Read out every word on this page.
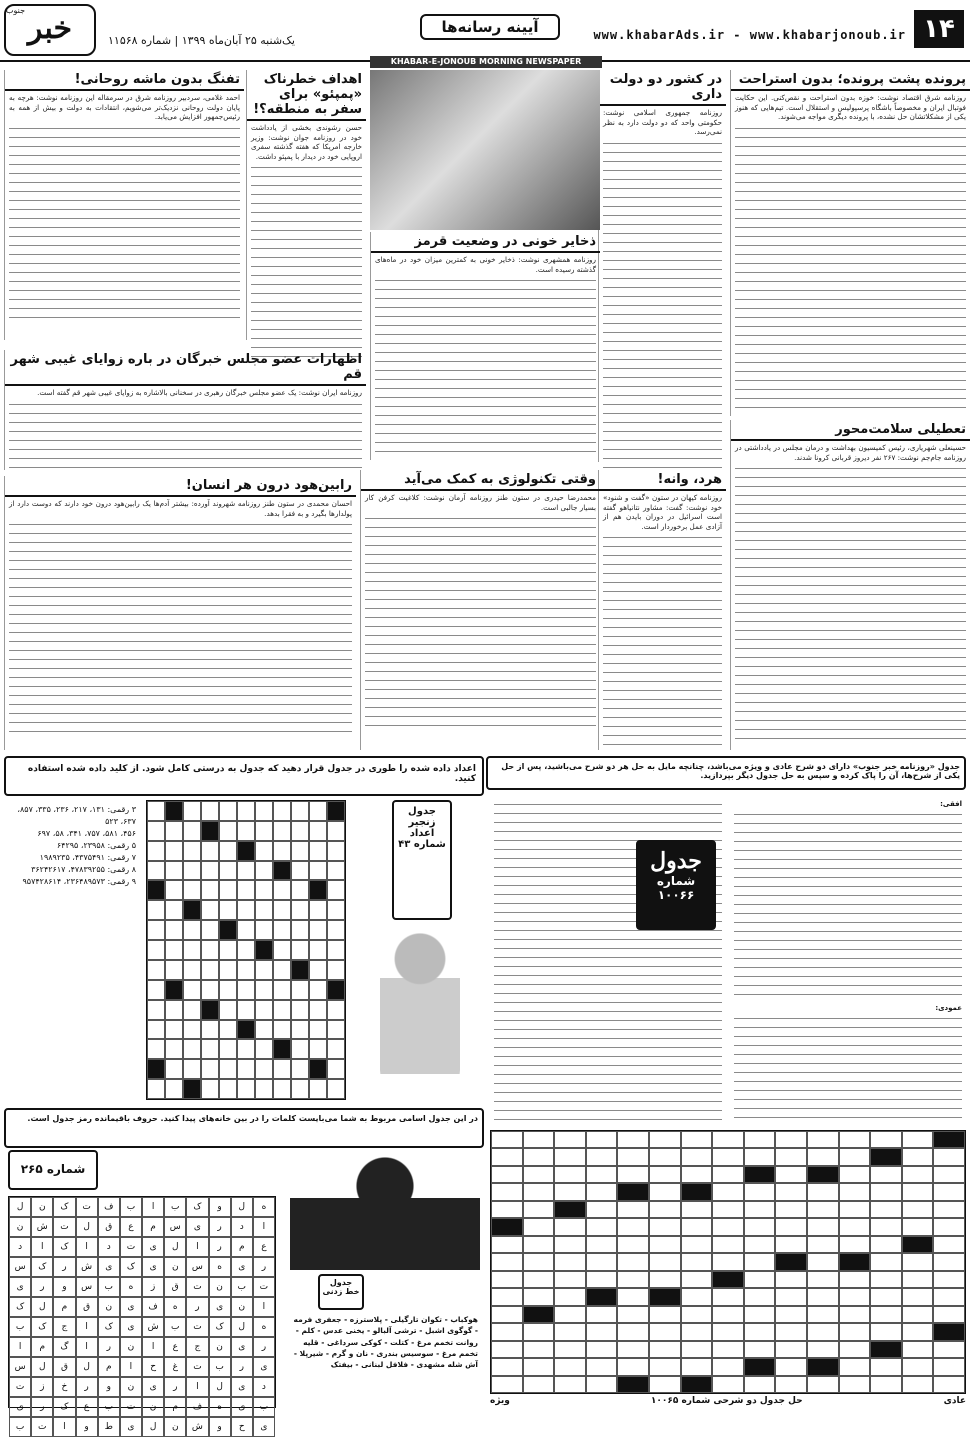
۱۴
www.khabarAds.ir - www.khabarjonoub.ir
آیینه رسانه‌ها
یک‌شنبه ۲۵ آبان‌ماه ۱۳۹۹ | شماره ۱۱۵۶۸
خبر
جنوب
KHABAR-E-JONOUB MORNING NEWSPAPER
پرونده پشت پرونده؛ بدون استراحت
روزنامه شرق اقتصاد نوشت: خوزه بدون استراحت و نقص‌کنی. این حکایت فوتبال ایران و مخصوصاً باشگاه پرسپولیس و استقلال است. تیم‌هایی که هنوز یکی از مشکلاتشان حل نشده، با پرونده دیگری مواجه می‌شوند.
تعطیلی سلامت‌محور
حسینعلی شهریاری، رئیس کمیسیون بهداشت و درمان مجلس در یادداشتی در روزنامه جام‌جم نوشت: ۲۶۷ نفر دیروز قربانی کرونا شدند.
در کشور دو دولت داری
روزنامه جمهوری اسلامی نوشت: حکومتی واحد که دو دولت دارد به نظر نمی‌رسد.
هرد، وانه!
روزنامه کیهان در ستون «گفت و شنود» خود نوشت: گفت: مشاور نتانیاهو گفته است اسرائیل در دوران بایدن هم از آزادی عمل برخوردار است.
ذخایر خونی در وضعیت قرمز
روزنامه همشهری نوشت: ذخایر خونی به کمترین میزان خود در ماه‌های گذشته رسیده است.
وقتی تکنولوژی به کمک می‌آید
محمدرضا حیدری در ستون طنز روزنامه آرمان نوشت: کلاغیت کرفن کار بسیار جالبی است.
اهداف خطرناک «پمپئو» برای سفر به منطقه؟!
حسن رشوندی بخشی از یادداشت خود در روزنامه جوان نوشت: وزیر خارجه امریکا که هفته گذشته سفری اروپایی خود در دیدار با پمپئو داشت.
تفنگ بدون ماشه روحانی!
احمد غلامی، سردبیر روزنامه شرق در سرمقاله این روزنامه نوشت: هرچه به پایان دولت روحانی نزدیک‌تر می‌شویم، انتقادات به دولت و بیش از همه به رئیس‌جمهور افزایش می‌یابد.
اظهارات عضو مجلس خبرگان در باره زوایای غیبی شهر قم
روزنامه ایران نوشت: یک عضو مجلس خبرگان رهبری در سخنانی بالاشاره به زوایای غیبی شهر قم گفته است.
رابین‌هود درون هر انسان!
احسان محمدی در ستون طنز روزنامه شهروند آورده: بیشتر آدم‌ها یک رابین‌هود درون خود دارند که دوست دارد از پولدارها بگیرد و به فقرا بدهد.
اعداد داده شده را طوری در جدول قرار دهید که جدول به درستی کامل شود. از کلید داده شده استفاده کنید.
۳ رقمی: ۱۳۱، ۲۱۷، ۲۳۶، ۳۳۵، ۸۵۷، ۶۳۷، ۵۲۳
۴۵۶، ۵۸۱، ۷۵۷، ۳۴۱، ۵۸، ۶۹۷
۵ رقمی: ۲۳۹۵۸، ۶۴۲۹۵
۷ رقمی: ۴۳۷۵۴۹۱، ۱۹۸۹۲۳۵
۸ رقمی: ۴۷۸۳۹۲۵۵، ۳۶۲۴۲۶۱۷
۹ رقمی: ۲۳۶۴۸۹۵۷۳، ۹۵۷۴۲۸۶۱۴
جدول زنجیر اعداد
شماره ۴۳
جدول «روزنامه خبر جنوب» دارای دو شرح عادی و ویژه می‌باشد، چنانچه مایل به حل هر دو شرح می‌باشید، پس از حل یکی از شرح‌ها، آن را پاک کرده و سپس به حل جدول دیگر بپردازید.
افقی:
عمودی:
جدول
شماره ۱۰۰۶۶
عادی
حل جدول دو شرحی شماره ۱۰۰۶۵
ویژه
در این جدول اسامی مربوط به شما می‌بایست کلمات را در بین خانه‌های پیدا کنید. حروف باقیمانده رمز جدول است.
شماره ۲۶۵
ه
ل
و
ک
ب
ا
ب
ف
ت
ک
ن
ل
ا
د
ر
ی
س
م
ع
ق
ل
ت
ش
ن
ع
م
ر
ا
ل
ی
ت
د
ا
ک
ا
د
ر
ی
ه
س
ن
ی
ک
ی
ش
ر
ک
س
ت
ب
ن
ت
ق
ز
ه
ب
س
و
ر
ی
ا
ن
ی
ر
ه
ف
ی
ن
ق
م
ل
ک
ه
ل
ک
ت
ب
ش
ی
ک
ا
ج
ک
ب
ر
ی
ن
ج
ع
ا
ن
ر
ا
گ
م
ا
ی
ر
ب
ت
غ
ح
ا
م
ل
ق
ل
س
د
ی
ل
ا
ر
ی
ن
و
ر
خ
ز
ت
ب
ی
ه
ف
م
ن
ت
ب
ع
ک
ر
ی
ی
ح
و
ش
ن
ل
ی
ط
و
ا
ت
ب
جدول خط زدنی
هوکباب - تکوان تارگیلی - پلاسترزه - جعفری فرمه - گوگوی اشبل - ترشی آلبالو - یخنی عدس - کلم - روانت تخمم مرغ - کتلت - کوکی سرداغی - قلیه تخمم مرغ - سوسیس بندری - نان و گرم - شیرپلا - آش شله مشهدی - فلافل لبنانی - بیفتک
